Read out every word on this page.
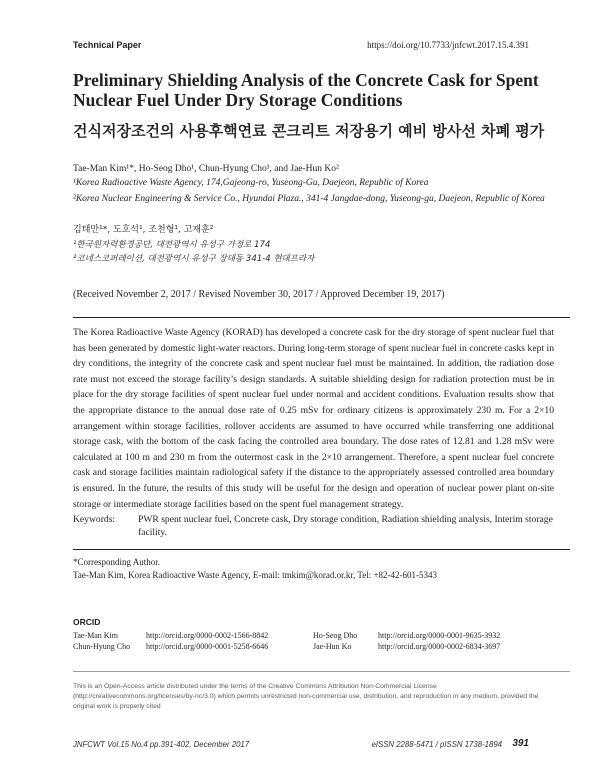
Technical Paper	https://doi.org/10.7733/jnfcwt.2017.15.4.391
Preliminary Shielding Analysis of the Concrete Cask for Spent Nuclear Fuel Under Dry Storage Conditions
건식저장조건의 사용후핵연료 콘크리트 저장용기 예비 방사선 차폐 평가
Tae-Man Kim¹*, Ho-Seog Dho¹, Chun-Hyung Cho¹, and Jae-Hun Ko²
¹Korea Radioactive Waste Agency, 174,Gajeong-ro, Yuseong-Gu, Daejeon, Republic of Korea
²Korea Nuclear Engineering & Service Co., Hyundai Plaza., 341-4 Jangdae-dong, Yuseong-gu, Daejeon, Republic of Korea
김태만¹*, 도호석¹, 조천형¹, 고재훈²
¹한국원자력환경공단, 대전광역시 유성구 가정로 174
²코네스코퍼레이션, 대전광역시 유성구 장대동 341-4 현대프라자
(Received November 2, 2017 / Revised November 30, 2017 / Approved December 19, 2017)
The Korea Radioactive Waste Agency (KORAD) has developed a concrete cask for the dry storage of spent nuclear fuel that has been generated by domestic light-water reactors. During long-term storage of spent nuclear fuel in concrete casks kept in dry conditions, the integrity of the concrete cask and spent nuclear fuel must be maintained. In addition, the radiation dose rate must not exceed the storage facility’s design standards. A suitable shielding design for radiation protection must be in place for the dry storage facilities of spent nuclear fuel under normal and accident conditions. Evaluation results show that the appropriate distance to the annual dose rate of 0.25 mSv for ordinary citizens is approximately 230 m. For a 2×10 arrangement within storage facilities, rollover accidents are assumed to have occurred while transferring one additional storage cask, with the bottom of the cask facing the controlled area boundary. The dose rates of 12.81 and 1.28 mSv were calculated at 100 m and 230 m from the outermost cask in the 2×10 arrangement. Therefore, a spent nuclear fuel concrete cask and storage facilities maintain radiological safety if the distance to the appropriately assessed controlled area boundary is ensured. In the future, the results of this study will be useful for the design and operation of nuclear power plant on-site storage or intermediate storage facilities based on the spent fuel management strategy.
Keywords: PWR spent nuclear fuel, Concrete cask, Dry storage condition, Radiation shielding analysis, Interim storage facility.
*Corresponding Author.
Tae-Man Kim, Korea Radioactive Waste Agency, E-mail: tmkim@korad.or.kr, Tel: +82-42-601-5343
ORCID
Tae-Man Kim	http://orcid.org/0000-0002-1566-8842	Ho-Seog Dho	http://orcid.org/0000-0001-9635-3932
Chun-Hyung Cho http://orcid.org/0000-0001-5258-6646	Jae-Hun Ko	http://orcid.org/0000-0002-6834-3697
This is an Open-Access article distributed under the terms of the Creative Commons Attribution Non-Commercial License (http://creativecommons.org/licenses/by-nc/3.0) which permits unrestricted non-commercial use, distribution, and reproduction in any medium, provided the original work is properly cited
JNFCWT Vol.15 No.4 pp.391-402, December 2017	eISSN 2288-5471 / pISSN 1738-1894 391
